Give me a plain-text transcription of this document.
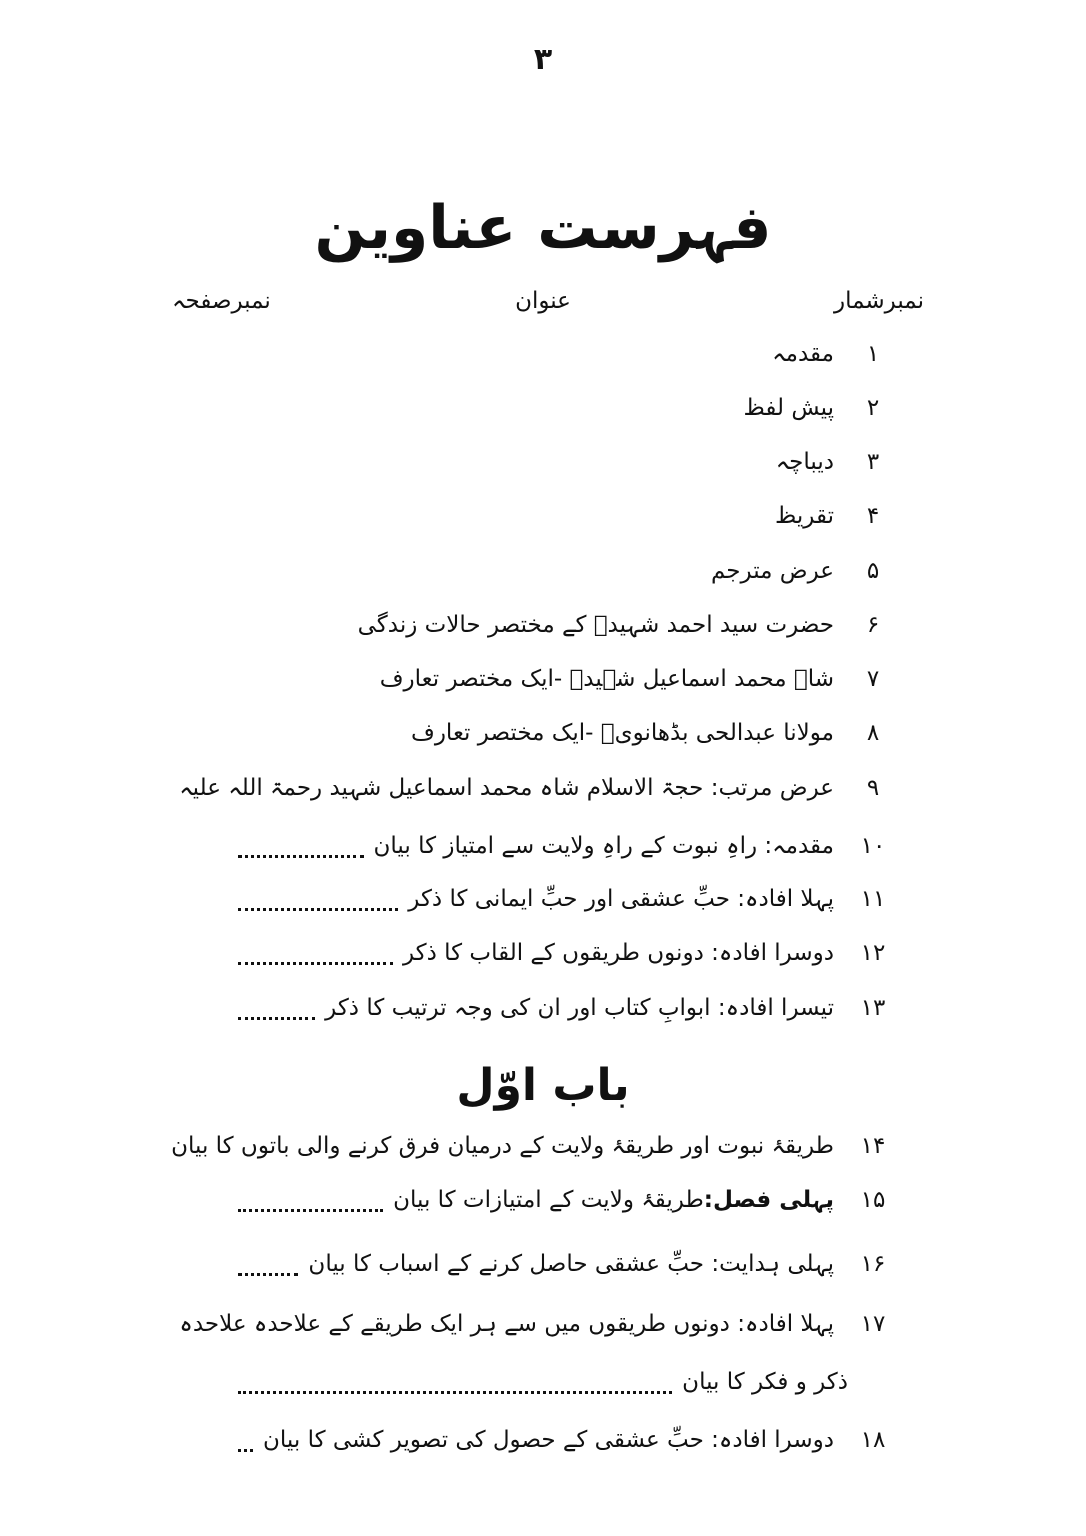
۳
فہرست عناوین
نمبرشمار
عنوان
نمبرصفحہ
۱
مقدمہ
۲
پیش لفظ
۳
دیباچہ
۴
تقریظ
۵
عرض مترجم
۶
حضرت سید احمد شہیدؒ کے مختصر حالات زندگی
۷
شاہ محمد اسماعیل شہیدؒ -ایک مختصر تعارف
۸
مولانا عبدالحی بڈھانویؒ -ایک مختصر تعارف
۹
عرض مرتب: حجۃ الاسلام شاہ محمد اسماعیل شہید رحمۃ اللہ علیہ
۱۰
مقدمہ: راہِ نبوت کے راہِ ولایت سے امتیاز کا بیان
۱۱
پہلا افادہ: حبِّ عشقی اور حبِّ ایمانی کا ذکر
۱۲
دوسرا افادہ: دونوں طریقوں کے القاب کا ذکر
۱۳
تیسرا افادہ: ابوابِ کتاب اور ان کی وجہ ترتیب کا ذکر
باب اوّل
۱۴
طریقۂ نبوت اور طریقۂ ولایت کے درمیان فرق کرنے والی باتوں کا بیان
۱۵
پہلی فصل:طریقۂ ولایت کے امتیازات کا بیان
۱۶
پہلی ہدایت: حبِّ عشقی حاصل کرنے کے اسباب کا بیان
۱۷
پہلا افادہ: دونوں طریقوں میں سے ہر ایک طریقے کے علاحدہ علاحدہ
ذکر و فکر کا بیان
۱۸
دوسرا افادہ: حبِّ عشقی کے حصول کی تصویر کشی کا بیان
